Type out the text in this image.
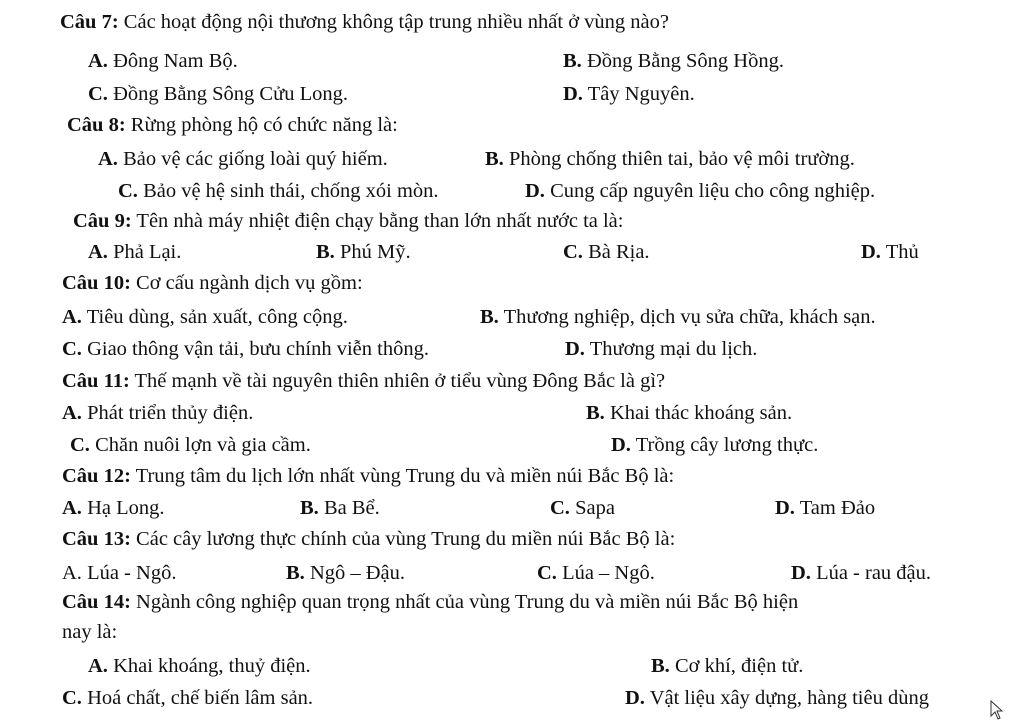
Câu 7: Các hoạt động nội thương không tập trung nhiều nhất ở vùng nào?
A. Đông Nam Bộ.	B. Đồng Bằng Sông Hồng.
C. Đồng Bằng Sông Cửu Long.	D. Tây Nguyên.
Câu 8: Rừng phòng hộ có chức năng là:
A. Bảo vệ các giống loài quý hiếm.	B. Phòng chống thiên tai, bảo vệ môi trường.
C. Bảo vệ hệ sinh thái, chống xói mòn.	D. Cung cấp nguyên liệu cho công nghiệp.
Câu 9: Tên nhà máy nhiệt điện chạy bằng than lớn nhất nước ta là:
A. Phả Lại.	B. Phú Mỹ.	C. Bà Rịa.	D. Thủ
Câu 10: Cơ cấu ngành dịch vụ gồm:
A. Tiêu dùng, sản xuất, công cộng.	B. Thương nghiệp, dịch vụ sửa chữa, khách sạn.
C. Giao thông vận tải, bưu chính viễn thông.	D. Thương mại du lịch.
Câu 11: Thế mạnh về tài nguyên thiên nhiên ở tiểu vùng Đông Bắc là gì?
A. Phát triển thủy điện.	B. Khai thác khoáng sản.
C. Chăn nuôi lợn và gia cầm.	D. Trồng cây lương thực.
Câu 12: Trung tâm du lịch lớn nhất vùng Trung du và miền núi Bắc Bộ là:
A. Hạ Long.	B. Ba Bể.	C. Sapa	D. Tam Đảo
Câu 13: Các cây lương thực chính của vùng Trung du miền núi Bắc Bộ là:
A. Lúa - Ngô.	B. Ngô – Đậu.	C. Lúa – Ngô.	D. Lúa - rau đậu.
Câu 14: Ngành công nghiệp quan trọng nhất của vùng Trung du và miền núi Bắc Bộ hiện
nay là:
A. Khai khoáng, thuỷ điện.	B. Cơ khí, điện tử.
C. Hoá chất, chế biến lâm sản.	D. Vật liệu xây dựng, hàng tiêu dùng
